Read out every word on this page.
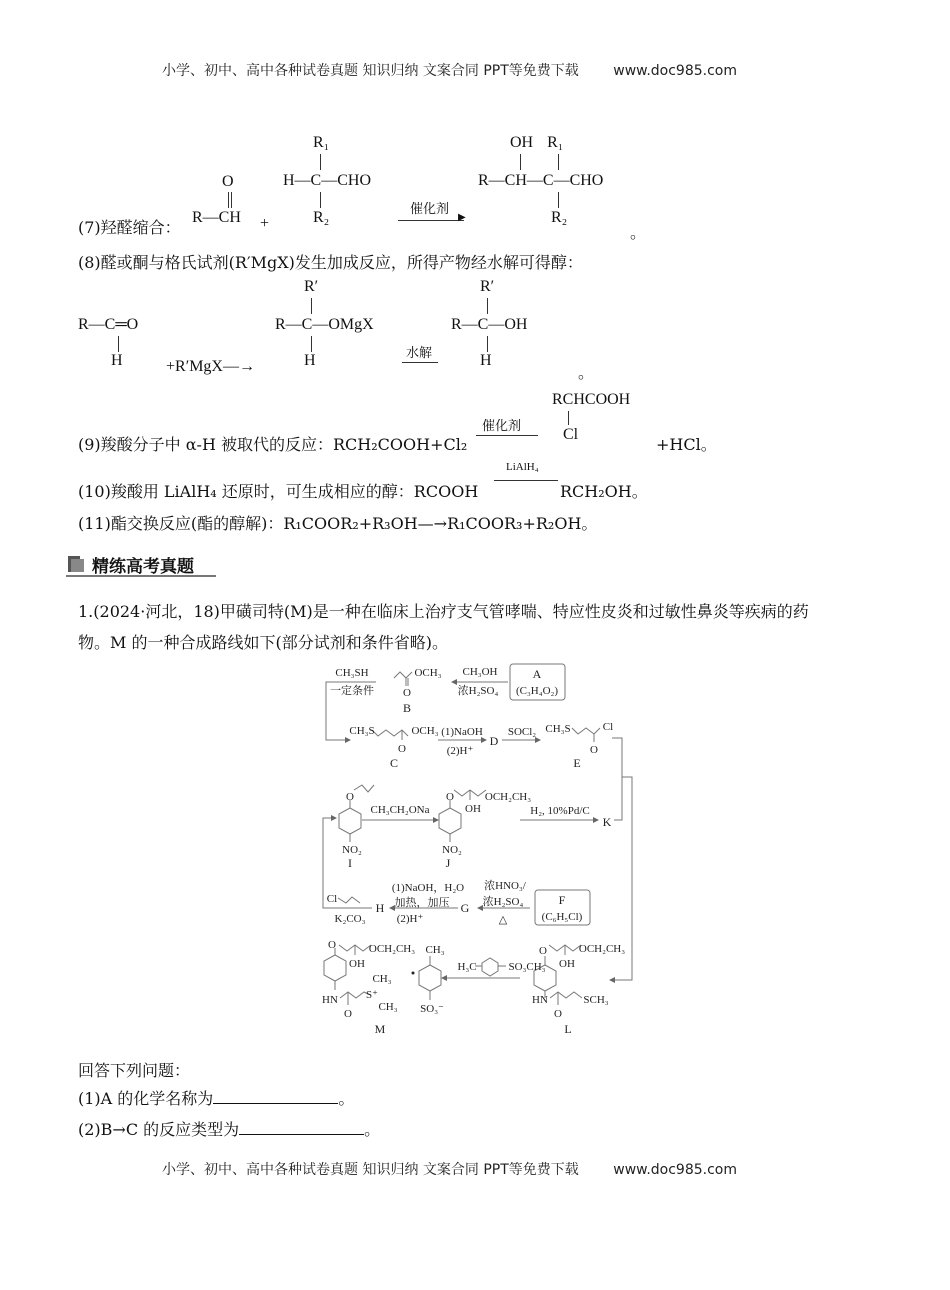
小学、初中、高中各种试卷真题 知识归纳 文案合同 PPT等免费下载 www.doc985.com
(7)羟醛缩合：
O
R—CH +
R₁
H—C—CHO
R₂	催化剂
▶
OH R₁
R—CH—C—CHO
R₂
。
(8)醛或酮与格氏试剂(R′MgX)发生加成反应，所得产物经水解可得醇：
R—C═O
H	+R′MgX—→
R′
R—C—OMgX
H	水解
R′
R—C—OH
H
。
(9)羧酸分子中 α-H 被取代的反应：RCH₂COOH+Cl₂
催化剂
RCHCOOH
Cl
+HCl。
(10)羧酸用 LiAlH₄ 还原时，可生成相应的醇：RCOOH
LiAlH₄
RCH₂OH。
(11)酯交换反应(酯的醇解)：R₁COOR₂+R₃OH—→R₁COOR₃+R₂OH。
精练高考真题
1.(2024·河北，18)甲磺司特(M)是一种在临床上治疗支气管哮喘、特应性皮炎和过敏性鼻炎等疾病的药
物。M 的一种合成路线如下(部分试剂和条件省略)。
CH₃SH
一定条件
OCH₃
O
B
CH₃OH
浓H₂SO₄
A
(C₃H₄O₂)
CH₃S	OCH₃
O
C
(1)NaOH
(2)H⁺
D
SOCl₂ CH₃S	Cl
O
E
O
NO₂
I
CH₃CH₂ONa
O	OCH₂CH₃
OH
NO₂
J
H₂, 10%Pd/C
K
Cl
K₂CO₃
H
(1)NaOH，H₂O
加热，加压
(2)H⁺
G
浓HNO₃/
浓H₂SO₄
△
F
(C₆H₅Cl)
O	OCH₂CH₃
OH
HN
O
S⁺
CH₃
CH₃
M
CH₃
SO₃⁻
H₃C	SO₃CH₃
O	OCH₂CH₃
OH
HN
O
SCH₃
L
回答下列问题：
(1)A 的化学名称为	。
(2)B→C 的反应类型为	。
小学、初中、高中各种试卷真题 知识归纳 文案合同 PPT等免费下载 www.doc985.com
